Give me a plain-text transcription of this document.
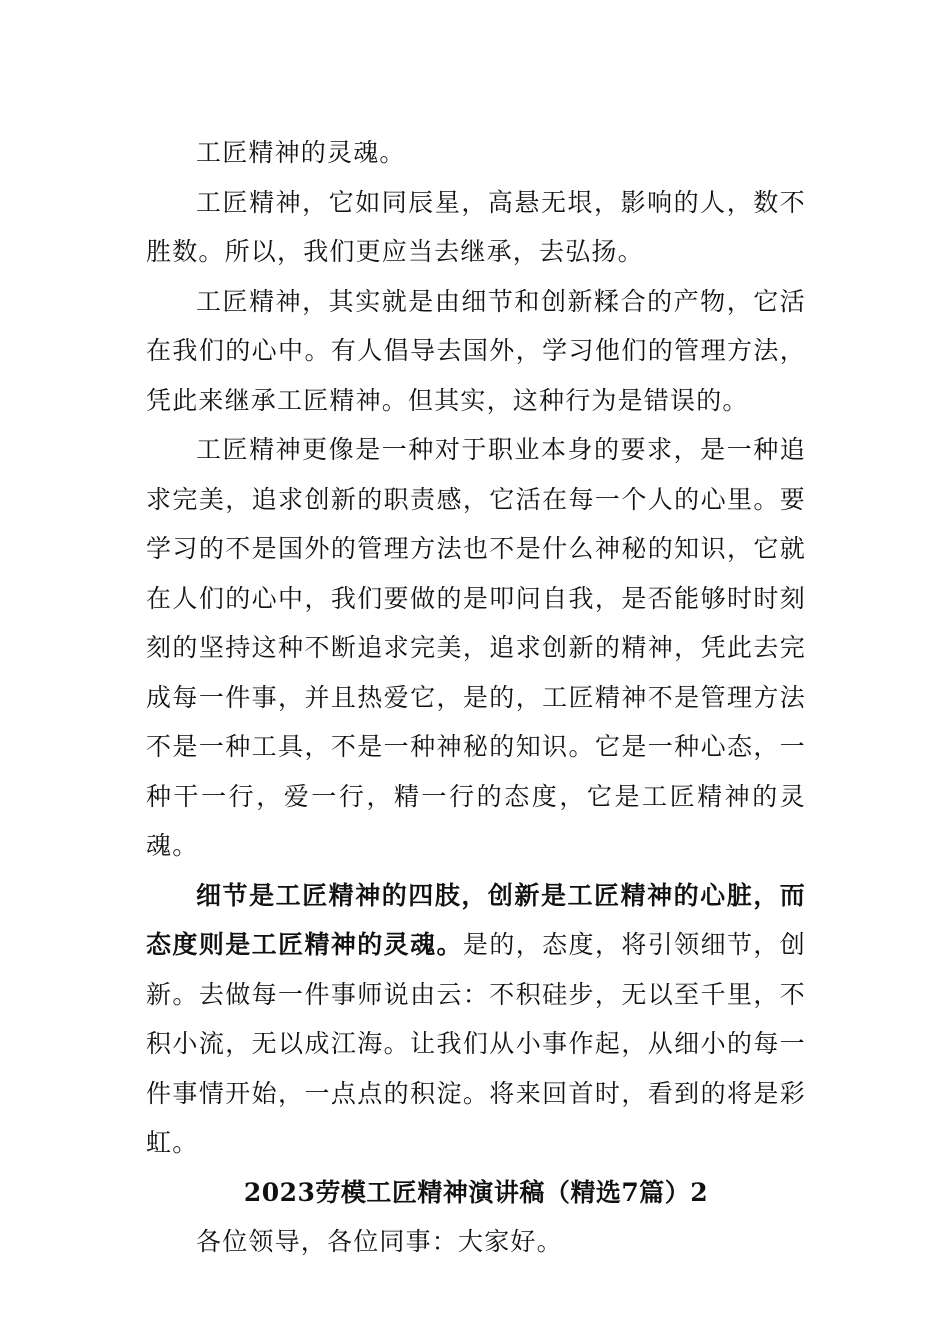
工匠精神的灵魂。

工匠精神，它如同辰星，高悬无垠，影响的人，数不胜数。所以，我们更应当去继承，去弘扬。

工匠精神，其实就是由细节和创新糅合的产物，它活在我们的心中。有人倡导去国外，学习他们的管理方法，凭此来继承工匠精神。但其实，这种行为是错误的。

工匠精神更像是一种对于职业本身的要求，是一种追求完美，追求创新的职责感，它活在每一个人的心里。要学习的不是国外的管理方法也不是什么神秘的知识，它就在人们的心中，我们要做的是叩问自我，是否能够时时刻刻的坚持这种不断追求完美，追求创新的精神，凭此去完成每一件事，并且热爱它，是的，工匠精神不是管理方法不是一种工具，不是一种神秘的知识。它是一种心态，一种干一行，爱一行，精一行的态度，它是工匠精神的灵魂。

细节是工匠精神的四肢，创新是工匠精神的心脏，而态度则是工匠精神的灵魂。是的，态度，将引领细节，创新。去做每一件事师说由云：不积硅步，无以至千里，不积小流，无以成江海。让我们从小事作起，从细小的每一件事情开始，一点点的积淀。将来回首时，看到的将是彩虹。

2023劳模工匠精神演讲稿（精选7篇）2

各位领导，各位同事：大家好。
